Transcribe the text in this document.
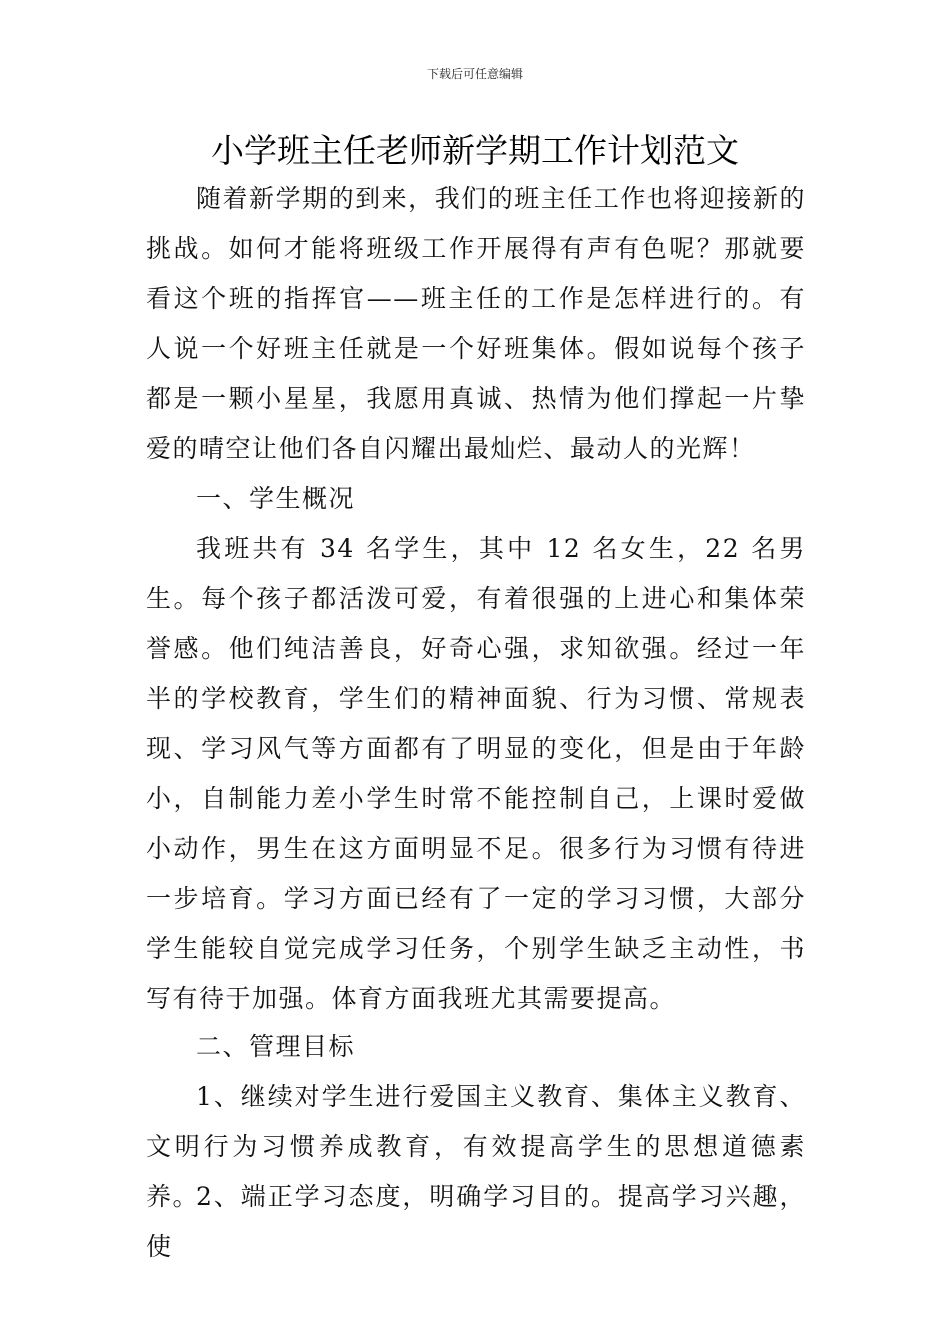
下载后可任意编辑
小学班主任老师新学期工作计划范文

随着新学期的到来，我们的班主任工作也将迎接新的挑战。如何才能将班级工作开展得有声有色呢？那就要看这个班的指挥官——班主任的工作是怎样进行的。有人说一个好班主任就是一个好班集体。假如说每个孩子都是一颗小星星，我愿用真诚、热情为他们撑起一片挚爱的晴空让他们各自闪耀出最灿烂、最动人的光辉！

一、学生概况

我班共有 34 名学生，其中 12 名女生，22 名男生。每个孩子都活泼可爱，有着很强的上进心和集体荣誉感。他们纯洁善良，好奇心强，求知欲强。经过一年半的学校教育，学生们的精神面貌、行为习惯、常规表现、学习风气等方面都有了明显的变化，但是由于年龄小，自制能力差小学生时常不能控制自己，上课时爱做小动作，男生在这方面明显不足。很多行为习惯有待进一步培育。学习方面已经有了一定的学习习惯，大部分学生能较自觉完成学习任务，个别学生缺乏主动性，书写有待于加强。体育方面我班尤其需要提高。

二、管理目标

1、继续对学生进行爱国主义教育、集体主义教育、文明行为习惯养成教育，有效提高学生的思想道德素养。

2、端正学习态度，明确学习目的。提高学习兴趣，使
